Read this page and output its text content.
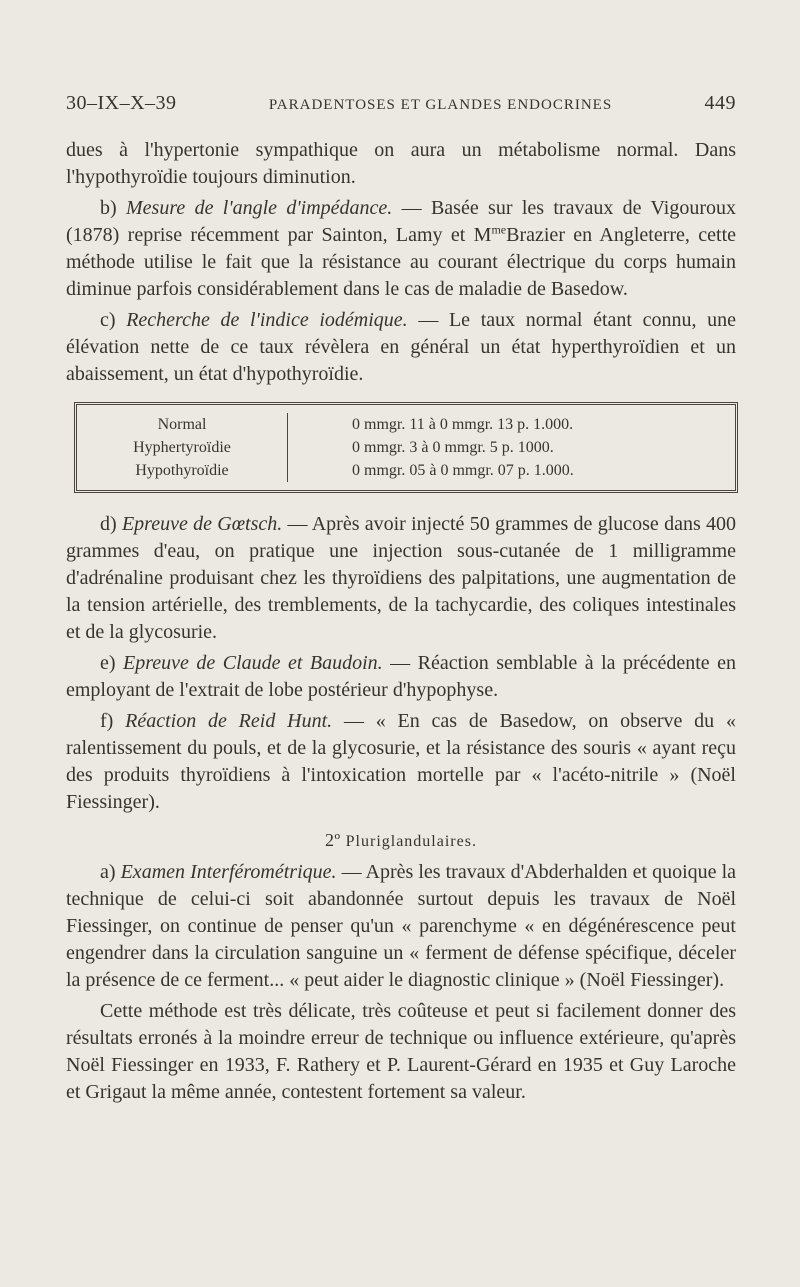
30–IX–X–39	PARADENTOSES ET GLANDES ENDOCRINES	449

dues à l'hypertonie sympathique on aura un métabolisme normal. Dans l'hypothyroïdie toujours diminution.

b) Mesure de l'angle d'impédance. — Basée sur les travaux de Vigouroux (1878) reprise récemment par Sainton, Lamy et $M^{me}Brazier$ en Angleterre, cette méthode utilise le fait que la résistance au courant électrique du corps humain diminue parfois considérablement dans le cas de maladie de Basedow.

c) Recherche de l'indice iodémique. — Le taux normal étant connu, une élévation nette de ce taux révèlera en général un état hyperthyroïdien et un abaissement, un état d'hypothyroïdie.

Normal
Hyphertyroïdie
Hypothyroïdie
0 mmgr. 11 à 0 mmgr. 13 p. 1.000.
0 mmgr. 3 à 0 mmgr. 5 p. 1000.
0 mmgr. 05 à 0 mmgr. 07 p. 1.000.

d) Epreuve de Gœtsch. — Après avoir injecté 50 grammes de glucose dans 400 grammes d'eau, on pratique une injection sous-cutanée de 1 milligramme d'adrénaline produisant chez les thyroïdiens des palpitations, une augmentation de la tension artérielle, des tremblements, de la tachycardie, des coliques intestinales et de la glycosurie.

e) Epreuve de Claude et Baudoin. — Réaction semblable à la précédente en employant de l'extrait de lobe postérieur d'hypophyse.

f) Réaction de Reid Hunt. — « En cas de Basedow, on observe du « ralentissement du pouls, et de la glycosurie, et la résistance des souris « ayant reçu des produits thyroïdiens à l'intoxication mortelle par « l'acéto-nitrile » (Noël Fiessinger).

2º Pluriglandulaires.

a) Examen Interférométrique. — Après les travaux d'Abderhalden et quoique la technique de celui-ci soit abandonnée surtout depuis les travaux de Noël Fiessinger, on continue de penser qu'un « parenchyme « en dégénérescence peut engendrer dans la circulation sanguine un « ferment de défense spécifique, déceler la présence de ce ferment... « peut aider le diagnostic clinique » (Noël Fiessinger).

Cette méthode est très délicate, très coûteuse et peut si facilement donner des résultats erronés à la moindre erreur de technique ou influence extérieure, qu'après Noël Fiessinger en 1933, F. Rathery et P. Laurent-Gérard en 1935 et Guy Laroche et Grigaut la même année, contestent fortement sa valeur.
